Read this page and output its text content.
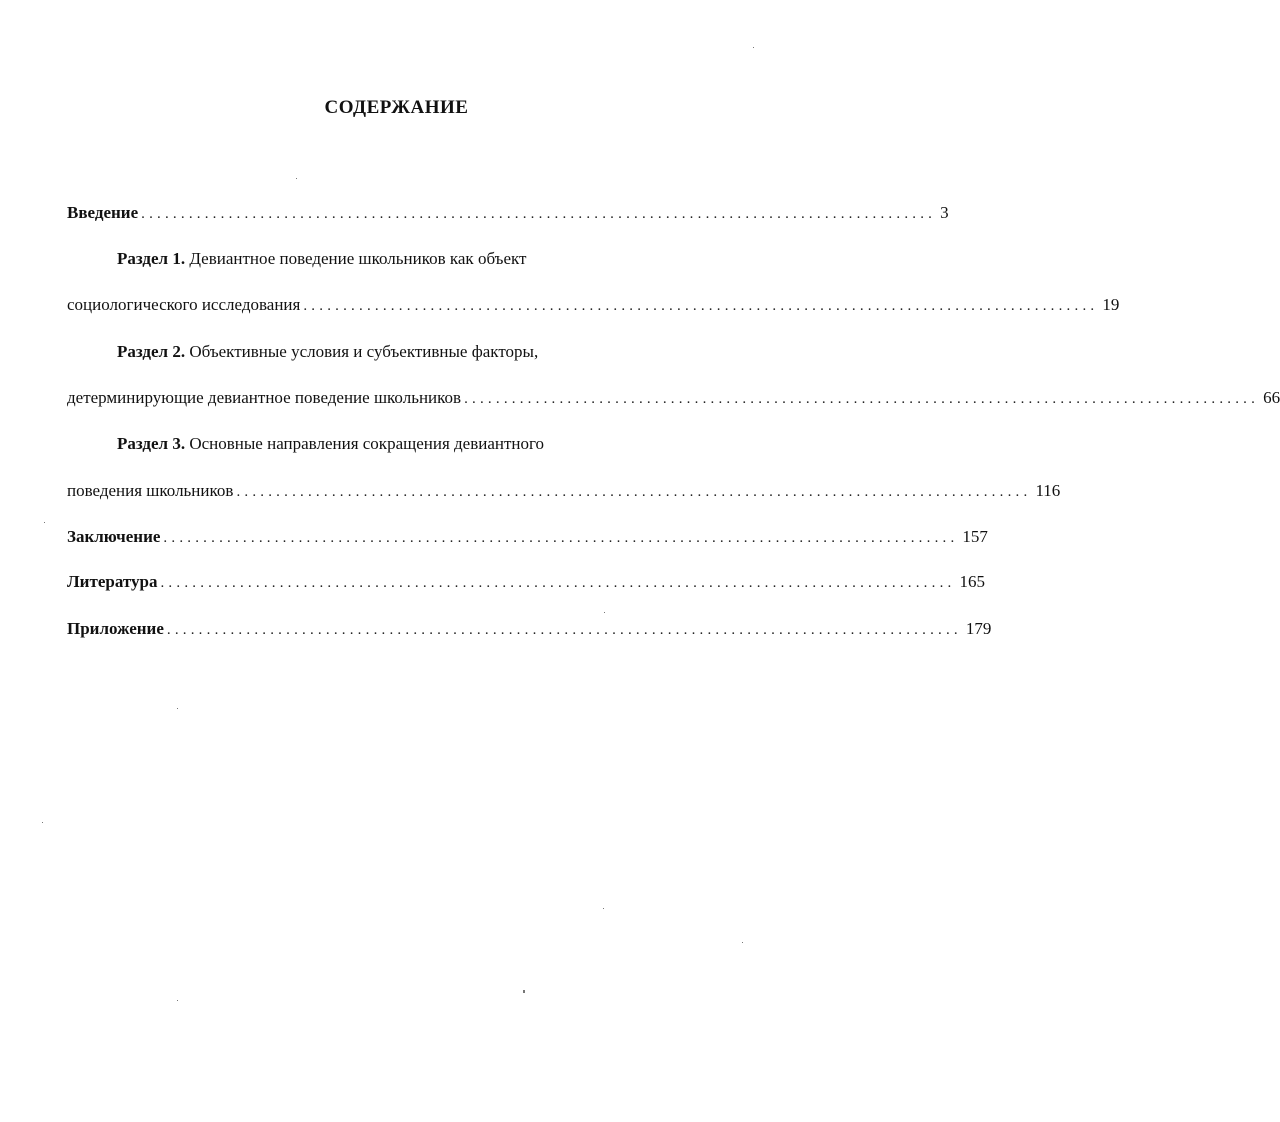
СОДЕРЖАНИЕ
Введение .................................................................................................... 3
Раздел 1. Девиантное поведение школьников как объект
социологического исследования .................................................................................................... 19
Раздел 2. Объективные условия и субъективные факторы,
детерминирующие девиантное поведение школьников .................................................................................................... 66
Раздел 3. Основные направления сокращения девиантного
поведения школьников .................................................................................................... 116
Заключение .................................................................................................... 157
Литература .................................................................................................... 165
Приложение .................................................................................................... 179
